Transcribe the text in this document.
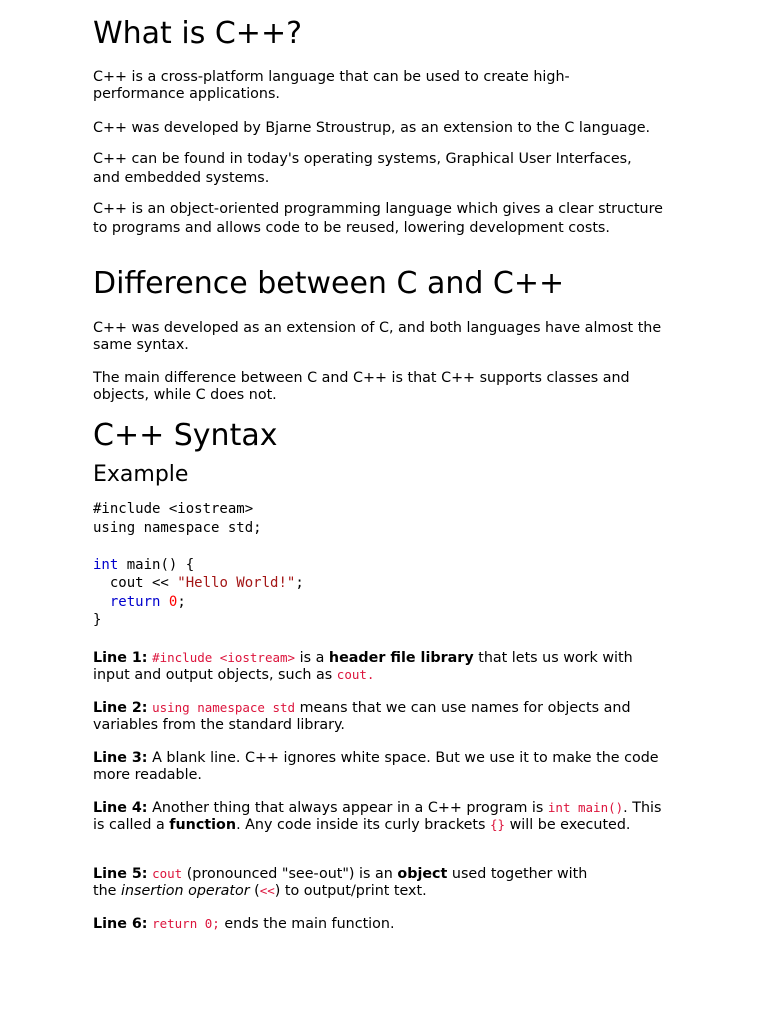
What is C++?

C++ is a cross-platform language that can be used to create high-performance applications.

C++ was developed by Bjarne Stroustrup, as an extension to the C language.

C++ can be found in today's operating systems, Graphical User Interfaces, and embedded systems.

C++ is an object-oriented programming language which gives a clear structure to programs and allows code to be reused, lowering development costs.

Difference between C and C++

C++ was developed as an extension of C, and both languages have almost the same syntax.

The main difference between C and C++ is that C++ supports classes and objects, while C does not.

C++ Syntax
Example
#include <iostream>
using namespace std;
int main() {
cout << "Hello World!";
return 0;
}

Line 1: #include <iostream> is a header file library that lets us work with input and output objects, such as cout.

Line 2: using namespace std means that we can use names for objects and variables from the standard library.

Line 3: A blank line. C++ ignores white space. But we use it to make the code more readable.

Line 4: Another thing that always appear in a C++ program is int main(). This is called a function. Any code inside its curly brackets {} will be executed.

Line 5: cout (pronounced "see-out") is an object used together with the insertion operator (<<) to output/print text.

Line 6: return 0; ends the main function.
